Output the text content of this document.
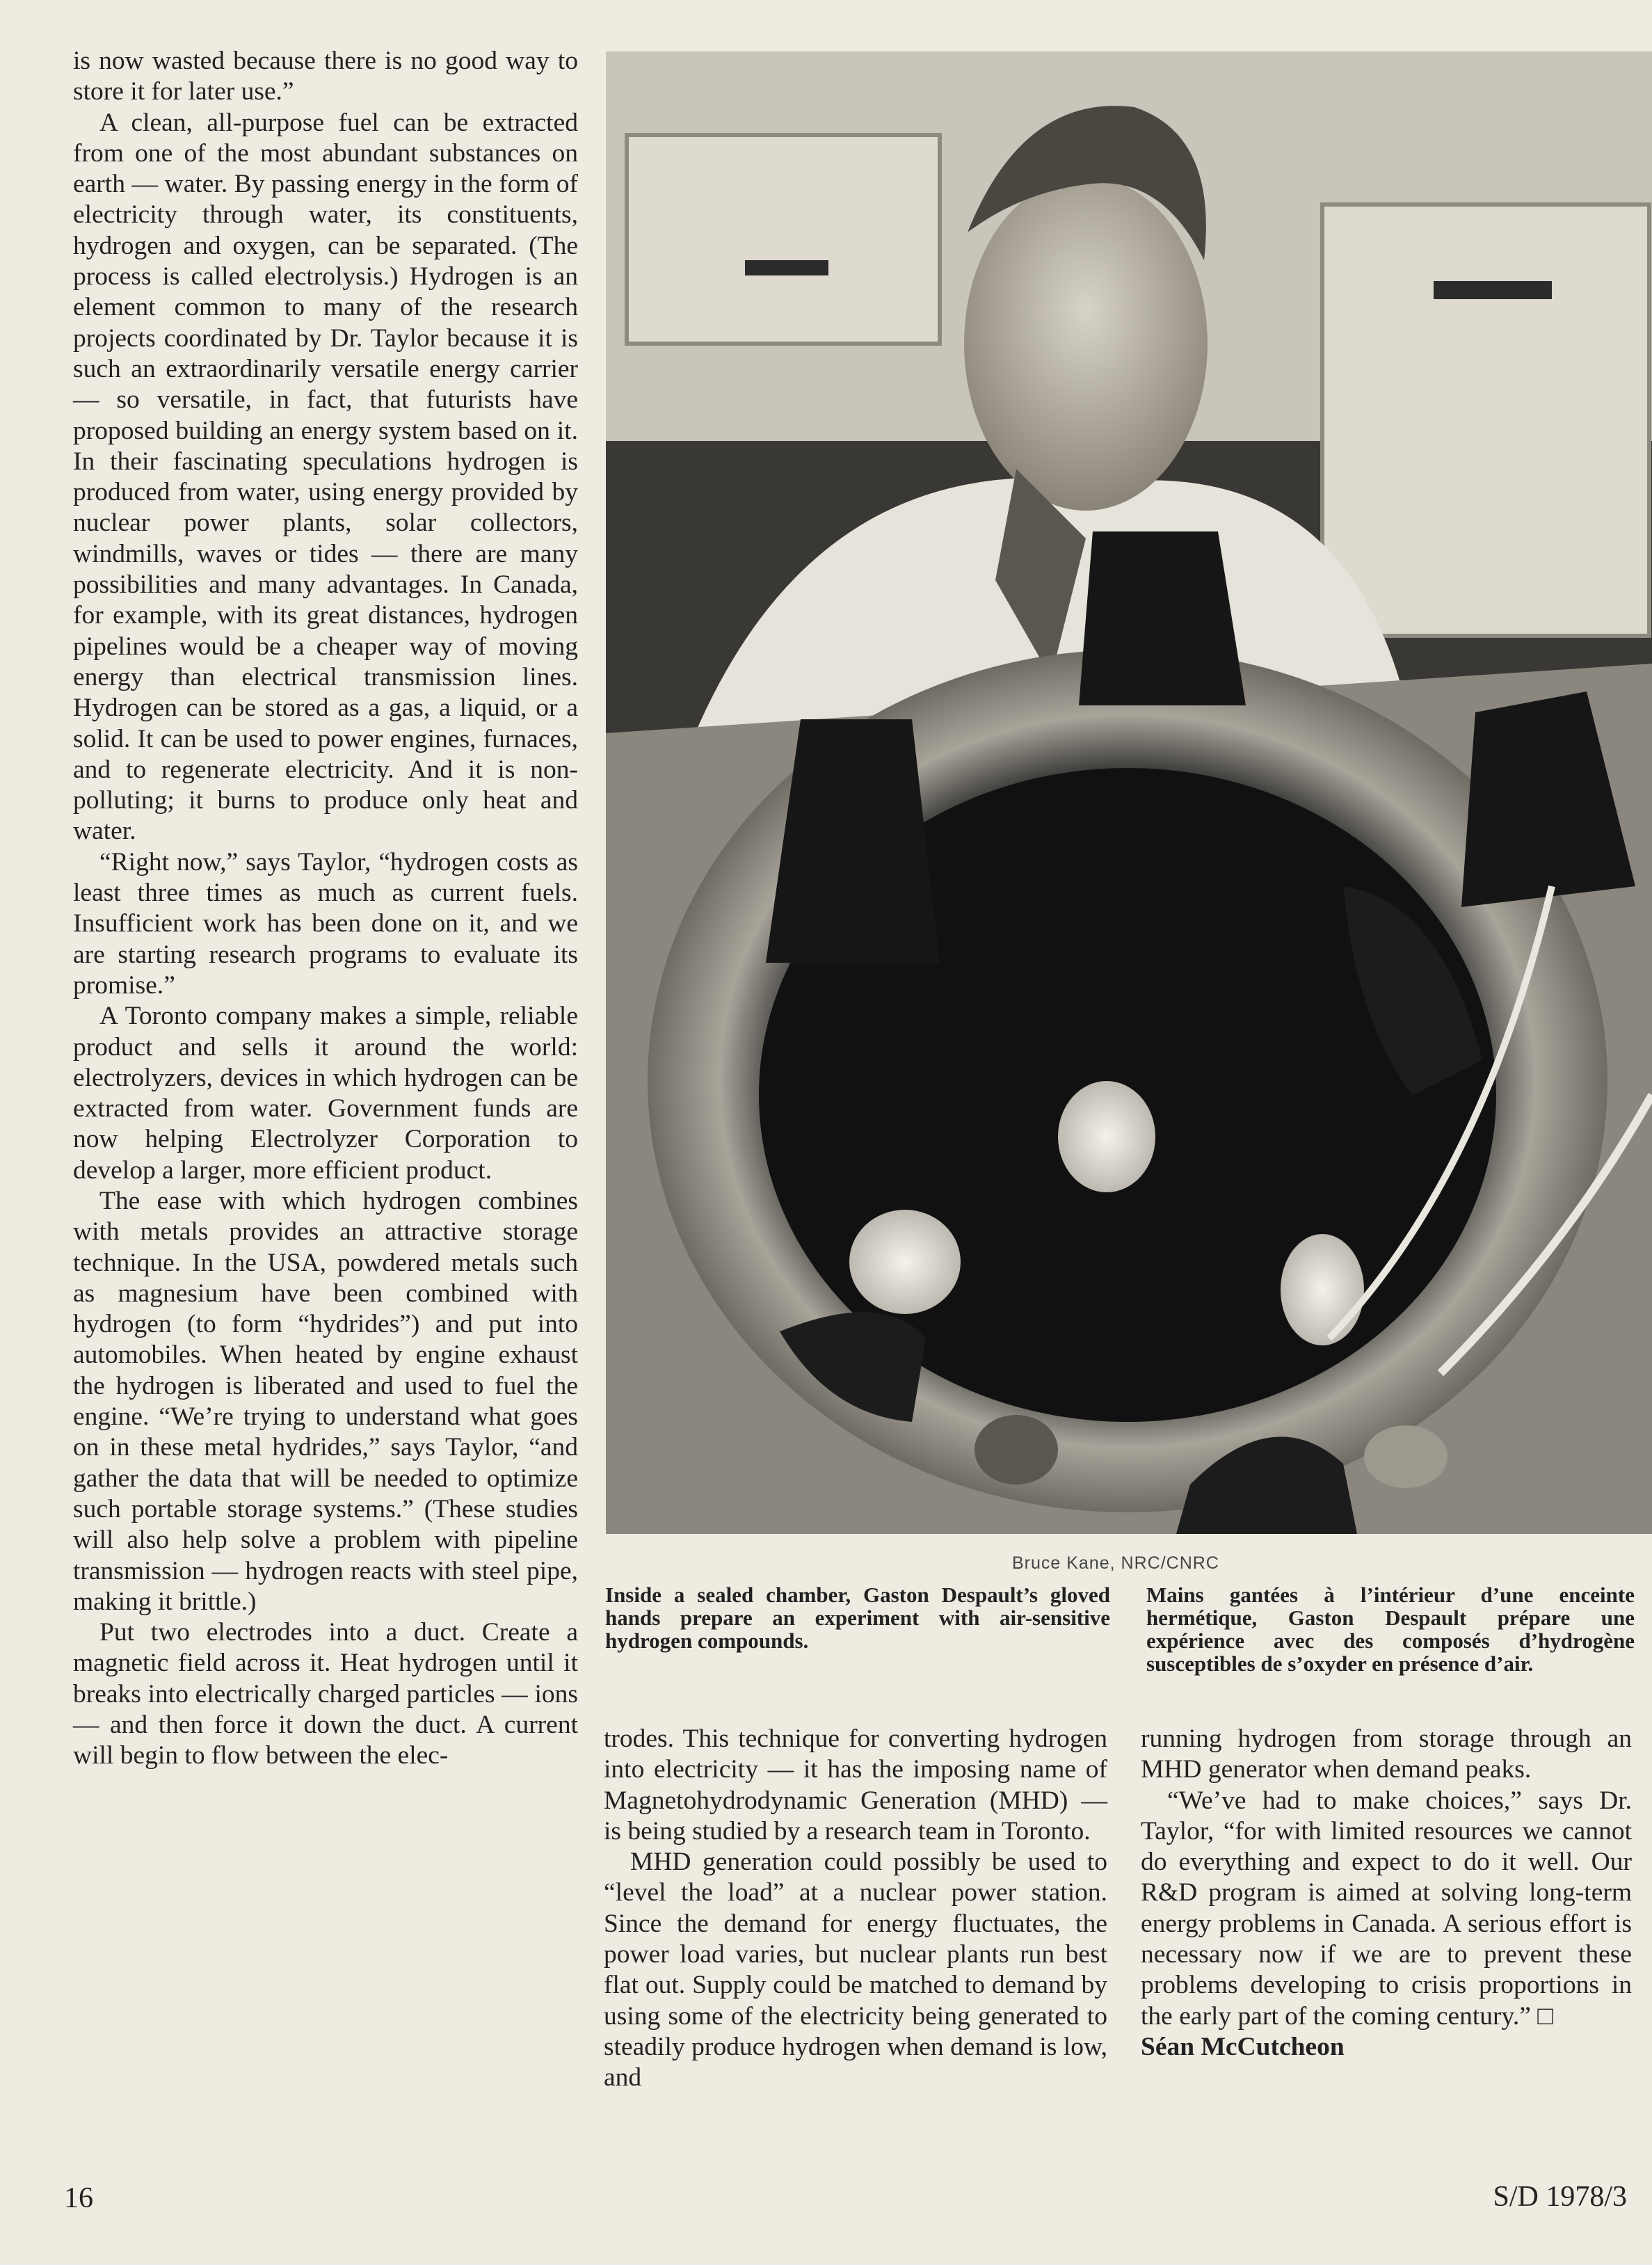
is now wasted because there is no good way to store it for later use.”

A clean, all-purpose fuel can be extracted from one of the most abundant substances on earth — water. By passing energy in the form of electricity through water, its constituents, hydrogen and oxygen, can be separated. (The process is called electrolysis.) Hydrogen is an element common to many of the research projects coordinated by Dr. Taylor because it is such an extraordinarily versatile energy carrier — so versatile, in fact, that futurists have proposed building an energy system based on it. In their fascinating speculations hydrogen is produced from water, using energy provided by nuclear power plants, solar collectors, windmills, waves or tides — there are many possibilities and many advantages. In Canada, for example, with its great distances, hydrogen pipelines would be a cheaper way of moving energy than electrical transmission lines. Hydrogen can be stored as a gas, a liquid, or a solid. It can be used to power engines, furnaces, and to regenerate electricity. And it is non-polluting; it burns to produce only heat and water.

“Right now,” says Taylor, “hydrogen costs as least three times as much as current fuels. Insufficient work has been done on it, and we are starting research programs to evaluate its promise.”

A Toronto company makes a simple, reliable product and sells it around the world: electrolyzers, devices in which hydrogen can be extracted from water. Government funds are now helping Electrolyzer Corporation to develop a larger, more efficient product.

The ease with which hydrogen combines with metals provides an attractive storage technique. In the USA, powdered metals such as magnesium have been combined with hydrogen (to form “hydrides”) and put into automobiles. When heated by engine exhaust the hydrogen is liberated and used to fuel the engine. “We’re trying to understand what goes on in these metal hydrides,” says Taylor, “and gather the data that will be needed to optimize such portable storage systems.” (These studies will also help solve a problem with pipeline transmission — hydrogen reacts with steel pipe, making it brittle.)

Put two electrodes into a duct. Create a magnetic field across it. Heat hydrogen until it breaks into electrically charged particles — ions — and then force it down the duct. A current will begin to flow between the elec-

Bruce Kane, NRC/CNRC
Inside a sealed chamber, Gaston Despault’s gloved hands prepare an experiment with air-sensitive hydrogen compounds.
Mains gantées à l’intérieur d’une enceinte hermétique, Gaston Despault prépare une expérience avec des composés d’hydrogène susceptibles de s’oxyder en présence d’air.

trodes. This technique for converting hydrogen into electricity — it has the imposing name of Magnetohydrodynamic Generation (MHD) — is being studied by a research team in Toronto.

MHD generation could possibly be used to “level the load” at a nuclear power station. Since the demand for energy fluctuates, the power load varies, but nuclear plants run best flat out. Supply could be matched to demand by using some of the electricity being generated to steadily produce hydrogen when demand is low, and

running hydrogen from storage through an MHD generator when demand peaks.

“We’ve had to make choices,” says Dr. Taylor, “for with limited resources we cannot do everything and expect to do it well. Our R&D program is aimed at solving long-term energy problems in Canada. A serious effort is necessary now if we are to prevent these problems developing to crisis proportions in the early part of the coming century.” □

Séan McCutcheon

16	S/D 1978/3
